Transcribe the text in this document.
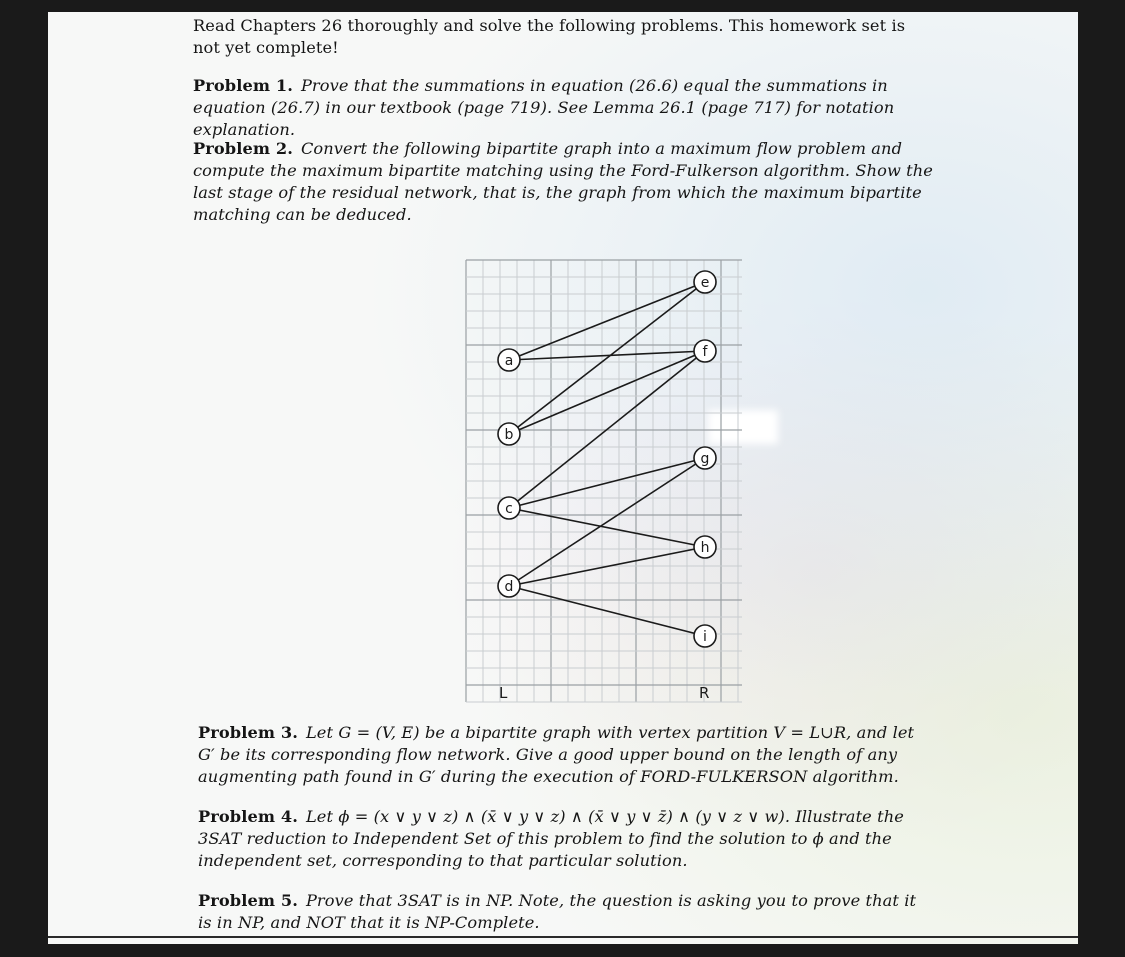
Read Chapters 26 thoroughly and solve the following problems. This homework set is not yet complete!

Problem 1. Prove that the summations in equation (26.6) equal the summations in equation (26.7) in our textbook (page 719). See Lemma 26.1 (page 717) for notation explanation.

Problem 2. Convert the following bipartite graph into a maximum flow problem and compute the maximum bipartite matching using the Ford-Fulkerson algorithm. Show the last stage of the residual network, that is, the graph from which the maximum bipartite matching can be deduced.

a
b
c
d
e
f
g
h
i
L	R

Problem 3. Let G = (V, E) be a bipartite graph with vertex partition V = L∪R, and let G′ be its corresponding flow network. Give a good upper bound on the length of any augmenting path found in G′ during the execution of FORD-FULKERSON algorithm.

Problem 4. Let ϕ = (x ∨ y ∨ z) ∧ (x̄ ∨ y ∨ z) ∧ (x̄ ∨ y ∨ z̄) ∧ (y ∨ z ∨ w). Illustrate the 3SAT reduction to Independent Set of this problem to find the solution to ϕ and the independent set, corresponding to that particular solution.

Problem 5. Prove that 3SAT is in NP. Note, the question is asking you to prove that it is in NP, and NOT that it is NP-Complete.
